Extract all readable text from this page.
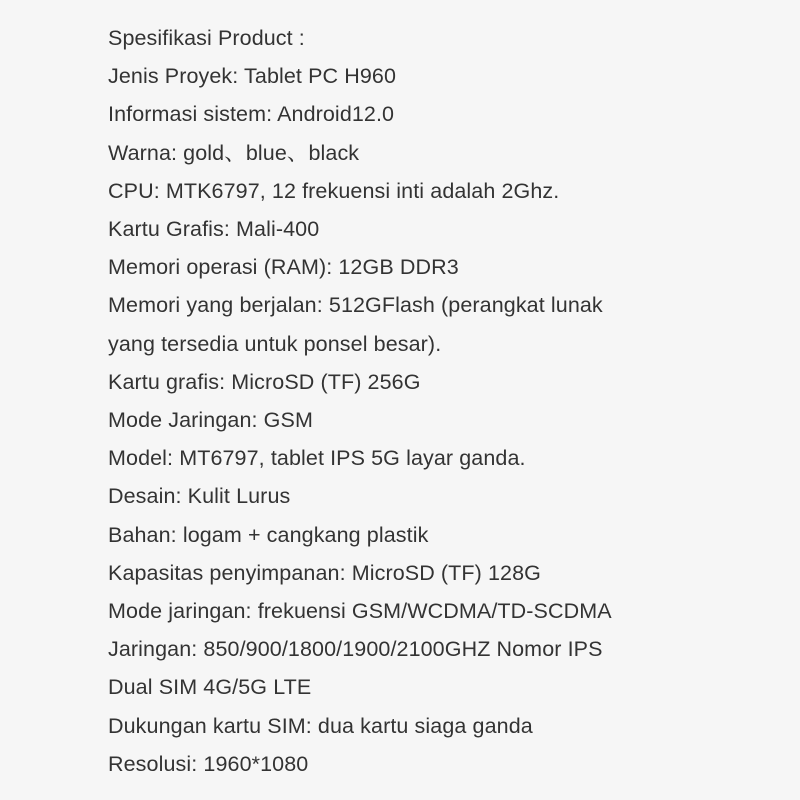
Spesifikasi Product :
Jenis Proyek: Tablet PC H960
Informasi sistem: Android12.0
Warna: gold、blue、black
CPU: MTK6797, 12 frekuensi inti adalah 2Ghz.
Kartu Grafis: Mali-400
Memori operasi (RAM): 12GB DDR3
Memori yang berjalan: 512GFlash (perangkat lunak
yang tersedia untuk ponsel besar).
Kartu grafis: MicroSD (TF) 256G
Mode Jaringan: GSM
Model: MT6797, tablet IPS 5G layar ganda.
Desain: Kulit Lurus
Bahan: logam + cangkang plastik
Kapasitas penyimpanan: MicroSD (TF) 128G
Mode jaringan: frekuensi GSM/WCDMA/TD-SCDMA
Jaringan: 850/900/1800/1900/2100GHZ Nomor IPS
Dual SIM 4G/5G LTE
Dukungan kartu SIM: dua kartu siaga ganda
Resolusi: 1960*1080
